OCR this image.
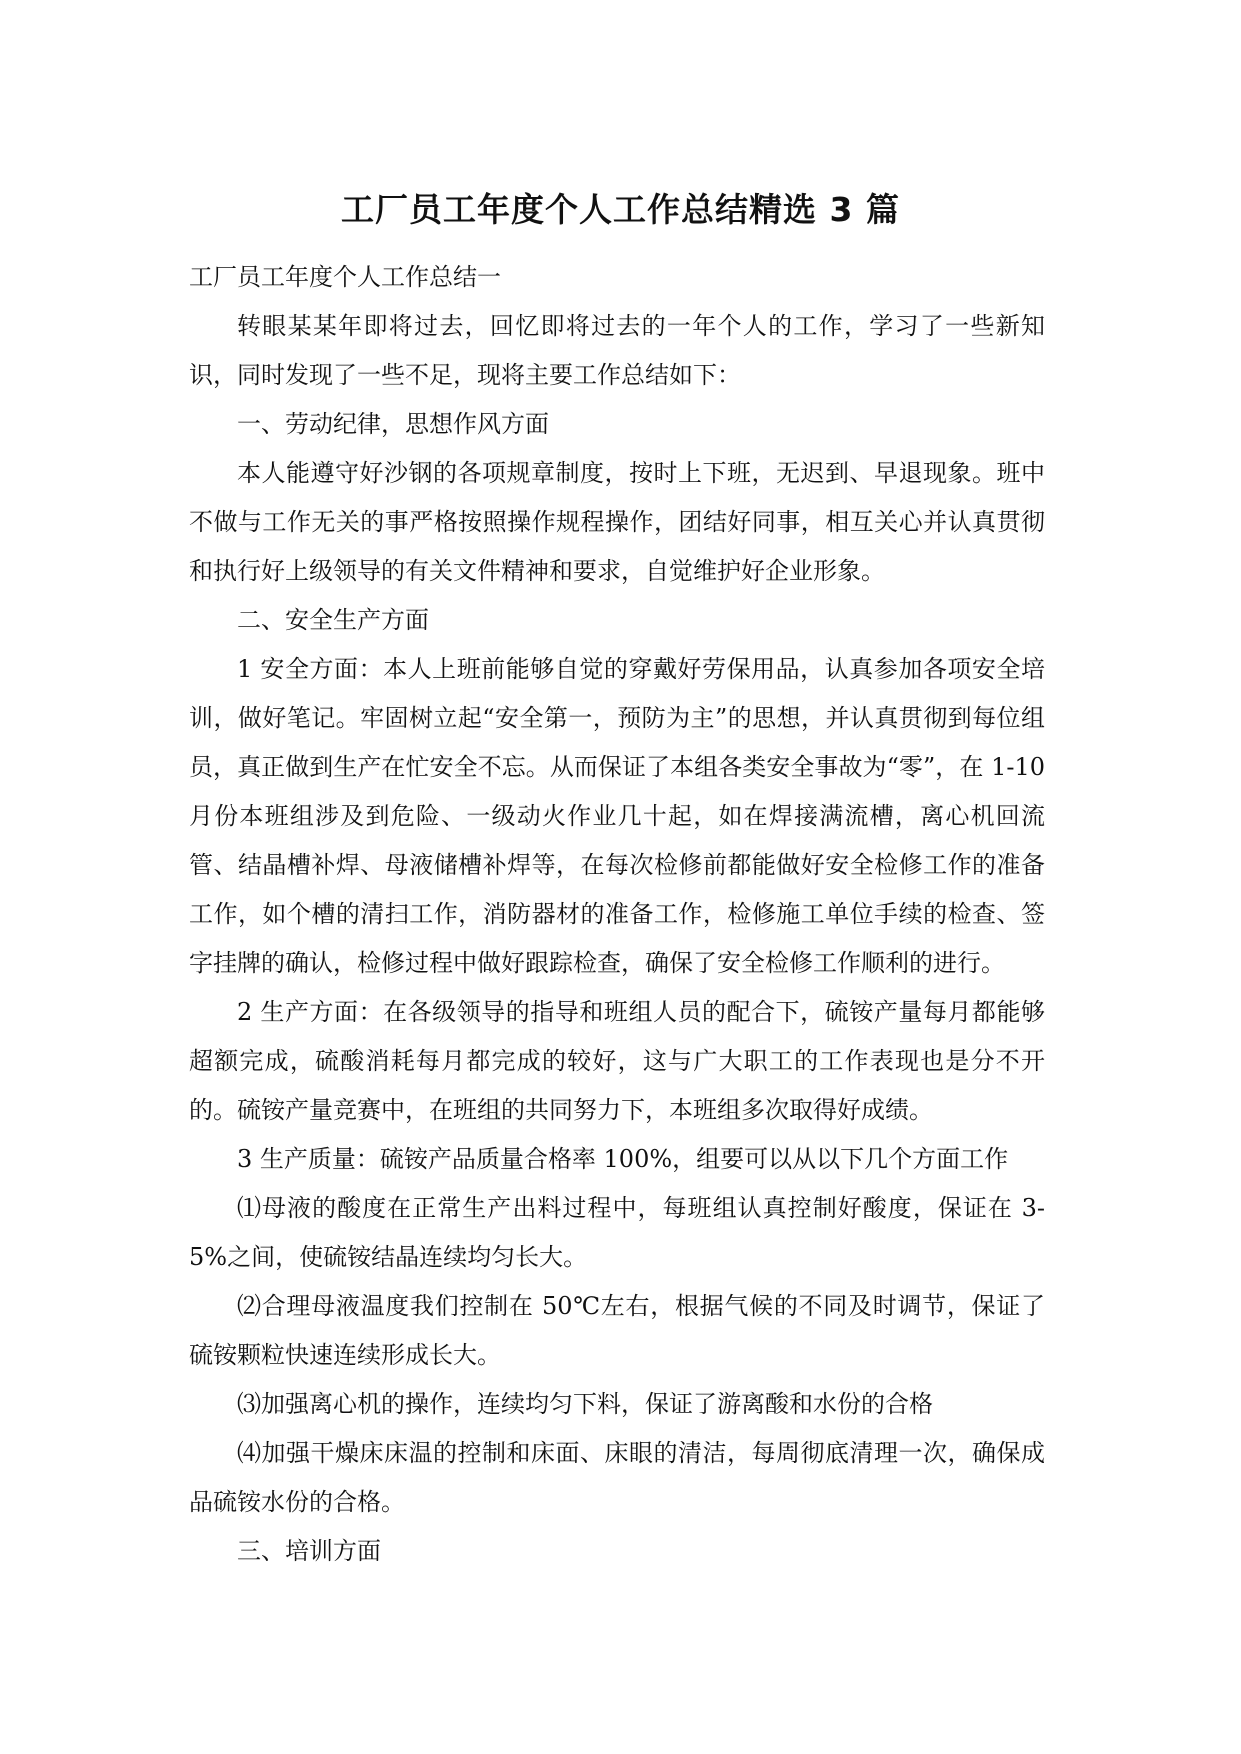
工厂员工年度个人工作总结精选 3 篇

工厂员工年度个人工作总结一

转眼某某年即将过去，回忆即将过去的一年个人的工作，学习了一些新知识，同时发现了一些不足，现将主要工作总结如下：

一、劳动纪律，思想作风方面

本人能遵守好沙钢的各项规章制度，按时上下班，无迟到、早退现象。班中不做与工作无关的事严格按照操作规程操作，团结好同事，相互关心并认真贯彻和执行好上级领导的有关文件精神和要求，自觉维护好企业形象。

二、安全生产方面

1 安全方面：本人上班前能够自觉的穿戴好劳保用品，认真参加各项安全培训，做好笔记。牢固树立起“安全第一，预防为主”的思想，并认真贯彻到每位组员，真正做到生产在忙安全不忘。从而保证了本组各类安全事故为“零”，在 1-10 月份本班组涉及到危险、一级动火作业几十起，如在焊接满流槽，离心机回流管、结晶槽补焊、母液储槽补焊等，在每次检修前都能做好安全检修工作的准备工作，如个槽的清扫工作，消防器材的准备工作，检修施工单位手续的检查、签字挂牌的确认，检修过程中做好跟踪检查，确保了安全检修工作顺利的进行。

2 生产方面：在各级领导的指导和班组人员的配合下，硫铵产量每月都能够超额完成，硫酸消耗每月都完成的较好，这与广大职工的工作表现也是分不开的。硫铵产量竞赛中，在班组的共同努力下，本班组多次取得好成绩。

3 生产质量：硫铵产品质量合格率 100%，组要可以从以下几个方面工作

⑴母液的酸度在正常生产出料过程中，每班组认真控制好酸度，保证在 3-5%之间，使硫铵结晶连续均匀长大。

⑵合理母液温度我们控制在 50℃左右，根据气候的不同及时调节，保证了硫铵颗粒快速连续形成长大。

⑶加强离心机的操作，连续均匀下料，保证了游离酸和水份的合格

⑷加强干燥床床温的控制和床面、床眼的清洁，每周彻底清理一次，确保成品硫铵水份的合格。

三、培训方面
